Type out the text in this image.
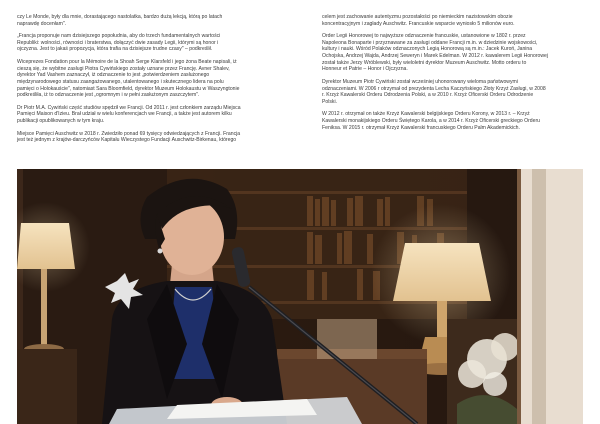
czy Le Monde, były dla mnie, dorastającego nastolatka, bardzo dużą lekcją, którą po latach
naprawdę docenłam".

„Francja proponuje nam dzisiejszego popołudnia, aby do trzech fundamentalnych wartości
Republiki: wolności, równości i braterstwa, dołączyć dwie zasady Legii, którymi są honor i
ojczyzna. Jest to jakaś propozycja, która trafia na dzisiejsze trudne czasy" – podkreślił.

Wiceprezes Fondation pour la Mémoire de la Shoah Serge Klarsfeld i jego żona Beate napisali, iż
cieszą się, że wybitne zasługi Piotra Cywińskiego zostały uznane przez Francję. Avner Shalev,
dyrektor Yad Vashem zaznaczył, iż odznaczenie to jest „potwierdzeniem zasłużonego
międzynarodowego statusu zaangażowanego, utalentowanego i skutecznego lidera na polu
pamięci o Holokauście", natomiast Sara Bloomfield, dyrektor Muzeum Holokaustu w Waszyngtonie
podkreśliła, iż to odznaczenie jest „ogromnym i w pełni zasłużonym zaszczytem".

Dr Piotr M.A. Cywiński część studiów spędził we Francji. Od 2011 r. jest członkiem zarządu Miejsca
Pamięci Maison d'Izieu. Brał udział w wielu konferencjach we Francji, a także jest autorem kilku
publikacji opublikowanych w tym kraju.

Miejsce Pamięci Auschwitz w 2018 r. Zwiedziło ponad 69 tysięcy odwiedzających z Francji. Francja
jest też jednym z krajów-darczyńców Kapitału Wieczystego Fundacji Auschwitz-Birkenau, którego

celem jest zachowanie autentyzmu pozostałości po niemieckim nazistowskim obozie
koncentracyjnym i zagłady Auschwitz. Francuskie wsparcie wyniosło 5 milionów euro.

Order Legii Honorowej to najwyższe odznaczenie francuskie, ustanowione w 1802 r. przez
Napoleona Bonaparte i przyznawane za zasługi oddane Francji m.in. w dziedzinie wojskowości,
kultury i nauki. Wśród Polaków odznaczonych Legią Honorową są m.in.: Jacek Kuroń, Janina
Ochojska, Andrzej Wajda, Andrzej Seweryn i Marek Edelman. W 2012 r. kawalerem Legii Honorowej
został także Jerzy Wróblewski, były wieloletni dyrektor Muzeum Auschwitz. Motto orderu to
Honneur et Patrie – Honor i Ojczyzna.

Dyrektor Muzeum Piotr Cywiński został wcześniej uhonorowany wieloma państwowymi
odznaczeniami. W 2006 r otrzymał od prezydenta Lecha Kaczyńskiego Złoty Krzyż Zasługi, w 2008
r. Krzyż Kawalerski Orderu Odrodzenia Polski, a w 2010 r. Krzyż Oficerski Orderu Odrodzenie
Polski.

W 2012 r. otrzymał on także Krzyż Kawalerski belgijskiego Orderu Korony, w 2013 r. – Krzyż
Kawalerski monakijskiego Orderu Świętego Karola, a w 2014 r. Krzyż Oficerski greckiego Orderu
Feniksa. W 2015 r. otrzymał Krzyż Kawalerski francuskiego Orderu Palm Akademickich.
